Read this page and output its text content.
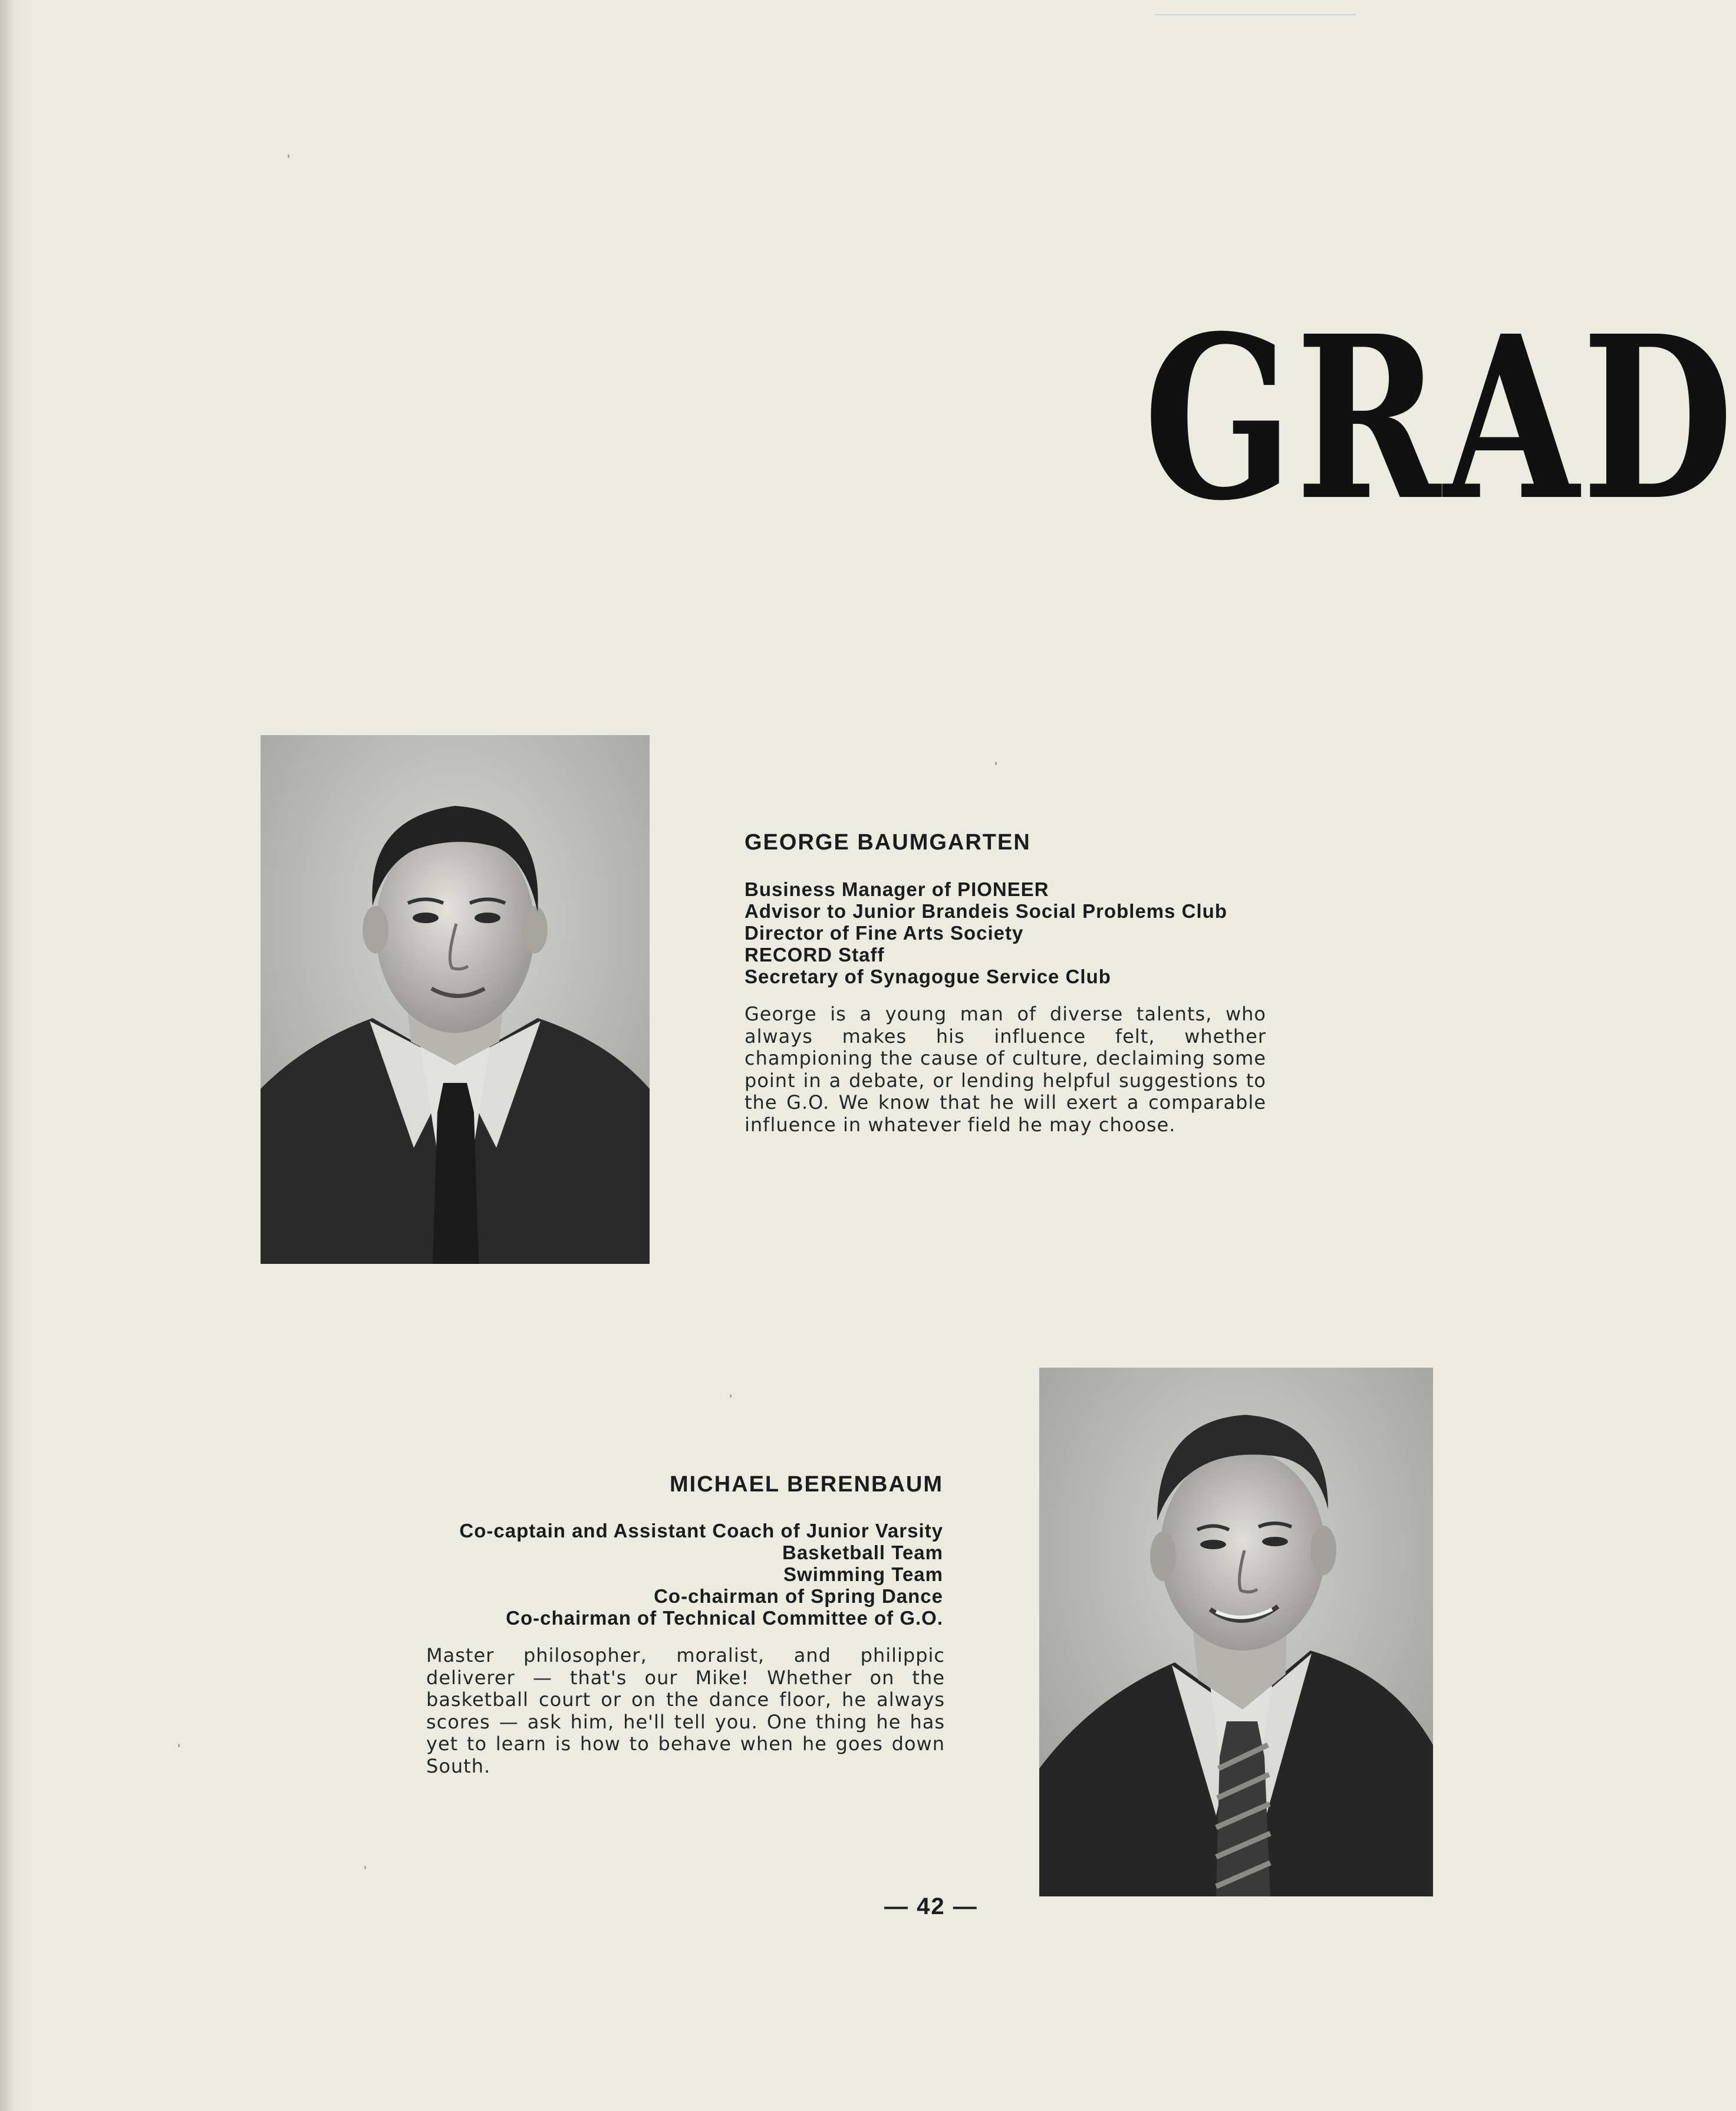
GRAD
GEORGE BAUMGARTEN
Business Manager of PIONEER
Advisor to Junior Brandeis Social Problems Club
Director of Fine Arts Society
RECORD Staff
Secretary of Synagogue Service Club

George is a young man of diverse talents, who always makes his influence felt, whether championing the cause of culture, declaiming some point in a debate, or lending helpful suggestions to the G.O. We know that he will exert a comparable influence in whatever field he may choose.

MICHAEL BERENBAUM
Co-captain and Assistant Coach of Junior Varsity
Basketball Team
Swimming Team
Co-chairman of Spring Dance
Co-chairman of Technical Committee of G.O.

Master philosopher, moralist, and philippic deliverer — that's our Mike! Whether on the basketball court or on the dance floor, he always scores — ask him, he'll tell you. One thing he has yet to learn is how to behave when he goes down South.

— 42 —
